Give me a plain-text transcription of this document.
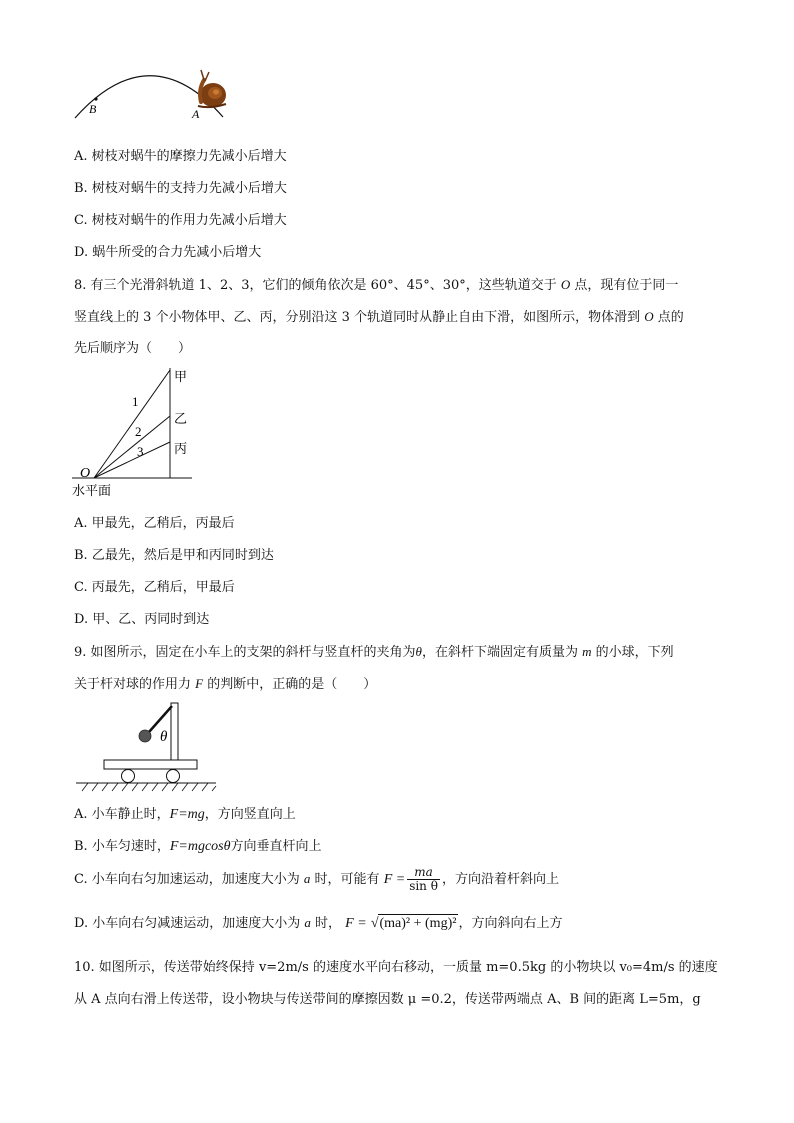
B	A
A. 树枝对蜗牛的摩擦力先减小后增大
B. 树枝对蜗牛的支持力先减小后增大
C. 树枝对蜗牛的作用力先减小后增大
D. 蜗牛所受的合力先减小后增大
8. 有三个光滑斜轨道 1、2、3，它们的倾角依次是 60°、45°、30°，这些轨道交于 O 点，现有位于同一
竖直线上的 3 个小物体甲、乙、丙，分别沿这 3 个轨道同时从静止自由下滑，如图所示，物体滑到 O 点的
先后顺序为（　　）
甲
乙
丙
1
2
3
O
水平面
A. 甲最先，乙稍后，丙最后
B. 乙最先，然后是甲和丙同时到达
C. 丙最先，乙稍后，甲最后
D. 甲、乙、丙同时到达
9. 如图所示，固定在小车上的支架的斜杆与竖直杆的夹角为θ，在斜杆下端固定有质量为 m 的小球，下列
关于杆对球的作用力 F 的判断中，正确的是（　　）
θ
A. 小车静止时，F=mg，方向竖直向上
B. 小车匀速时，F=mgcosθ方向垂直杆向上
C. 小车向右匀加速运动，加速度大小为 a 时，可能有 $F = \frac{ma}{\text{sin θ}}$ ，方向沿着杆斜向上
D. 小车向右匀减速运动，加速度大小为 a 时， F = √(ma)² + (mg)² ，方向斜向右上方
10. 如图所示，传送带始终保持 v=2m/s 的速度水平向右移动，一质量 m=0.5kg 的小物块以 v₀=4m/s 的速度
从 A 点向右滑上传送带，设小物块与传送带间的摩擦因数 μ =0.2，传送带两端点 A、B 间的距离 L=5m，g
